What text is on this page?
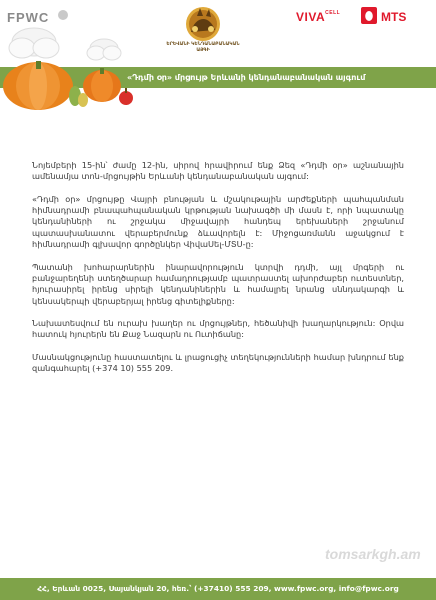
FPWC
ԵՐԵՎԱՆԻ ԿԵՆԴԱՆԱԲԱՆԱԿԱՆ ԱՅԳԻ
$VIVA^{CELL}$	MTS
«Դդմի օր» մրցույթ Երևանի կենդանաբանական այգում

Նոյեմբերի 15-ին՝ ժամը 12-ին, սիրով հրավիրում ենք Ձեզ «Դդմի օր» աշնանային ամենամյա տոն-մրցույթին Երևանի կենդանաբանական այգում:

«Դդմի օր» մրցույթը Վայրի բնության և մշակութային արժեքների պահպանման հիմնադրամի բնապահպանական կրթության նախագծի մի մասն է, որի նպատակը կենդանիների ու շրջակա միջավայրի հանդեպ երեխաների շրջանում պատասխանատու վերաբերմունք ձևավորելն է: Միջոցառմանն աջակցում է հիմնադրամի գլխավոր գործընկեր ՎիվաՍել-ՄՏՍ-ը:

Պատանի խոհարարներին ինարավորություն կտրվի դդմի, այլ մրգերի ու բանջարեղենի ստեղծարար համադրությամբ պատրաստել ախորժաբեր ուտեստներ, հյուրասիրել իրենց սիրելի կենդանիներին և համալրել նրանց սննդակարգի և կենսակերպի վերաբերյալ իրենց գիտելիքները:

Նախատեսվում են ուրախ խաղեր ու մրցույթներ, հեծանիվի խաղարկություն: Օրվա հատուկ հյուրերն են Քաջ Նազարն ու Ուտիճանը:

Մասնակցությունը հաստատելու և լրացուցիչ տեղեկությունների համար խնդրում ենք զանգահարել (+374 10) 555 209.

tomsarkgh.am
ՀՀ, Երևան 0025, Սայանկյան 20, հեռ.՝ (+37410) 555 209, www.fpwc.org, info@fpwc.org
